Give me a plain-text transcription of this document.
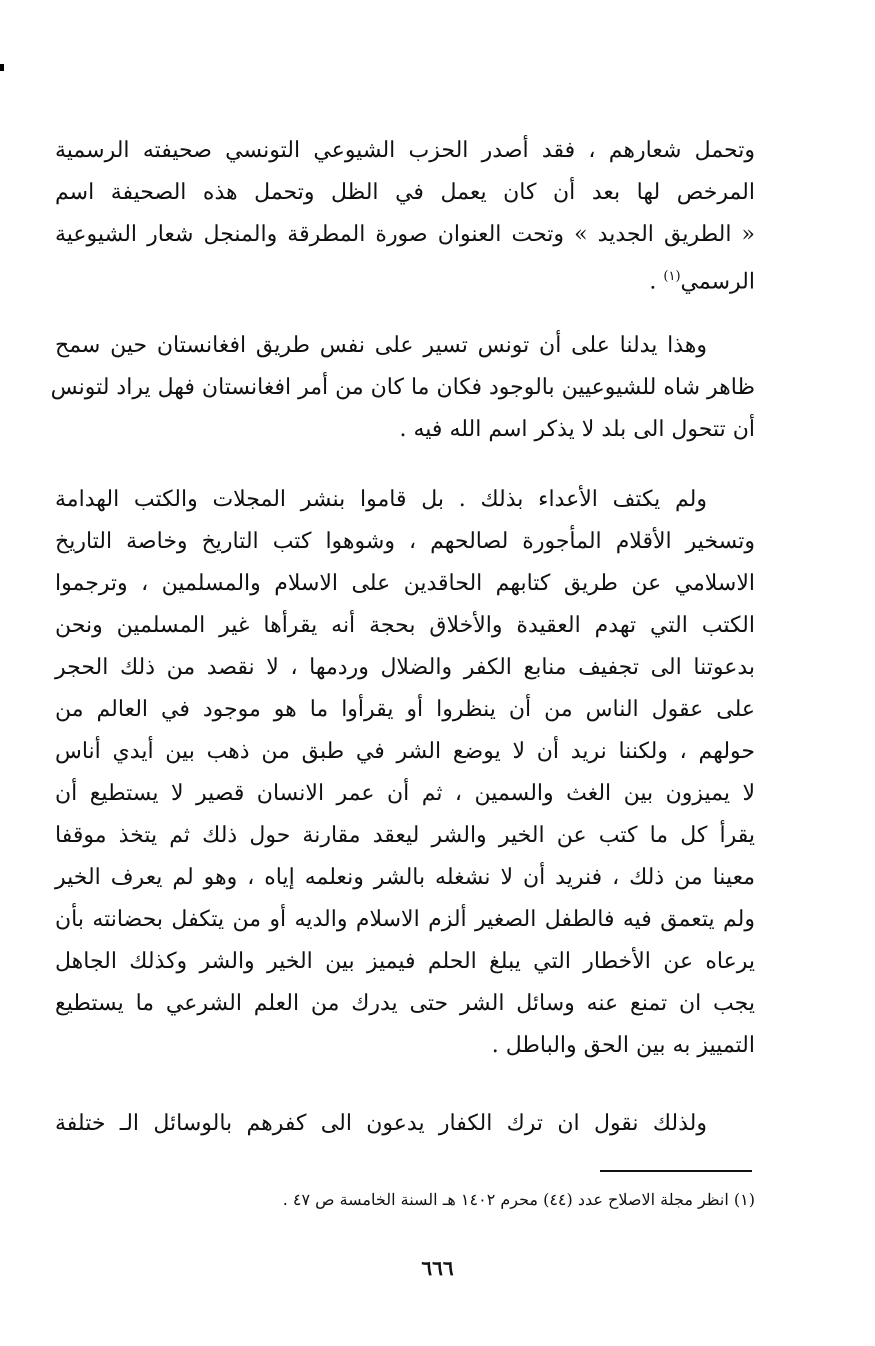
وتحمل شعارهم ، فقد أصدر الحزب الشيوعي التونسي صحيفته الرسمية
المرخص لها بعد أن كان يعمل في الظل وتحمل هذه الصحيفة اسم
« الطريق الجديد » وتحت العنوان صورة المطرقة والمنجل شعار الشيوعية
الرسمي$^{(١)}$ .
وهذا يدلنا على أن تونس تسير على نفس طريق افغانستان حين سمح
ظاهر شاه للشيوعيين بالوجود فكان ما كان من أمر افغانستان فهل يراد لتونس
أن تتحول الى بلد لا يذكر اسم الله فيه .
ولم يكتف الأعداء بذلك . بل قاموا بنشر المجلات والكتب الهدامة
وتسخير الأقلام المأجورة لصالحهم ، وشوهوا كتب التاريخ وخاصة التاريخ
الاسلامي عن طريق كتابهم الحاقدين على الاسلام والمسلمين ، وترجموا
الكتب التي تهدم العقيدة والأخلاق بحجة أنه يقرأها غير المسلمين ونحن
بدعوتنا الى تجفيف منابع الكفر والضلال وردمها ، لا نقصد من ذلك الحجر
على عقول الناس من أن ينظروا أو يقرأوا ما هو موجود في العالم من
حولهم ، ولكننا نريد أن لا يوضع الشر في طبق من ذهب بين أيدي أناس
لا يميزون بين الغث والسمين ، ثم أن عمر الانسان قصير لا يستطيع أن
يقرأ كل ما كتب عن الخير والشر ليعقد مقارنة حول ذلك ثم يتخذ موقفا
معينا من ذلك ، فنريد أن لا نشغله بالشر ونعلمه إياه ، وهو لم يعرف الخير
ولم يتعمق فيه فالطفل الصغير ألزم الاسلام والديه أو من يتكفل بحضانته بأن
يرعاه عن الأخطار التي يبلغ الحلم فيميز بين الخير والشر وكذلك الجاهل
يجب ان تمنع عنه وسائل الشر حتى يدرك من العلم الشرعي ما يستطيع
التمييز به بين الحق والباطل .
ولذلك نقول ان ترك الكفار يدعون الى كفرهم بالوسائل الـ ختلفة
(١) انظر مجلة الاصلاح عدد (٤٤) محرم ١٤٠٢ هـ السنة الخامسة ص ٤٧ .
٦٦٦
